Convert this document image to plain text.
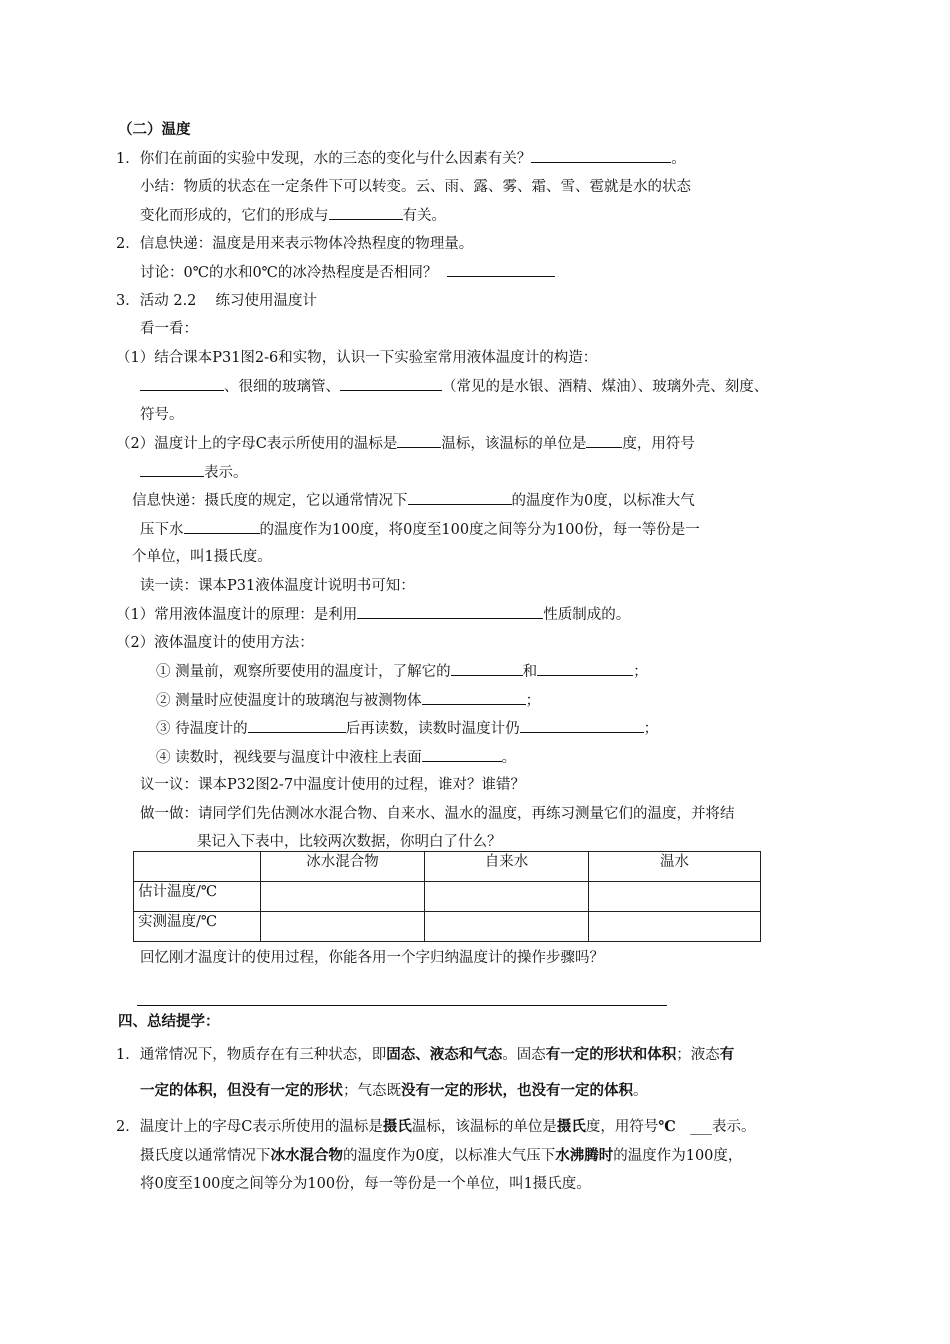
（二）温度
1．你们在前面的实验中发现，水的三态的变化与什么因素有关？	。
小结：物质的状态在一定条件下可以转变。云、雨、露、雾、霜、雪、雹就是水的状态
变化而形成的，它们的形成与	有关。
2．信息快递：温度是用来表示物体冷热程度的物理量。
讨论：0℃的水和0℃的冰冷热程度是否相同？
3．活动 2.2　 练习使用温度计
看一看：
（1）结合课本P31图2-6和实物，认识一下实验室常用液体温度计的构造：
、很细的玻璃管、	（常见的是水银、酒精、煤油）、玻璃外壳、刻度、
符号。
（2）温度计上的字母C表示所使用的温标是	温标，该温标的单位是 度，用符号
表示。
信息快递：摄氏度的规定，它以通常情况下	的温度作为0度，以标准大气
压下水	的温度作为100度，将0度至100度之间等分为100份，每一等份是一
个单位，叫1摄氏度。
读一读：课本P31液体温度计说明书可知：
（1）常用液体温度计的原理：是利用	性质制成的。
（2）液体温度计的使用方法：
① 测量前，观察所要使用的温度计，了解它的	和	；
② 测量时应使温度计的玻璃泡与被测物体	；
③ 待温度计的	后再读数，读数时温度计仍	；
④ 读数时，视线要与温度计中液柱上表面	。
议一议：课本P32图2-7中温度计使用的过程，谁对？谁错？
做一做：请同学们先估测冰水混合物、自来水、温水的温度，再练习测量它们的温度，并将结
果记入下表中，比较两次数据，你明白了什么？
	冰水混合物	自来水	温水
估计温度/℃			
实测温度/℃			
回忆刚才温度计的使用过程，你能各用一个字归纳温度计的操作步骤吗？
四、总结提学：
1．通常情况下，物质存在有三种状态，即固态、液态和气态。固态有一定的形状和体积；液态有
一定的体积，但没有一定的形状；气态既没有一定的形状，也没有一定的体积。
2．温度计上的字母C表示所使用的温标是摄氏温标，该温标的单位是摄氏度，用符号℃　___表示。
摄氏度以通常情况下冰水混合物的温度作为0度，以标准大气压下水沸腾时的温度作为100度，
将0度至100度之间等分为100份，每一等份是一个单位，叫1摄氏度。
